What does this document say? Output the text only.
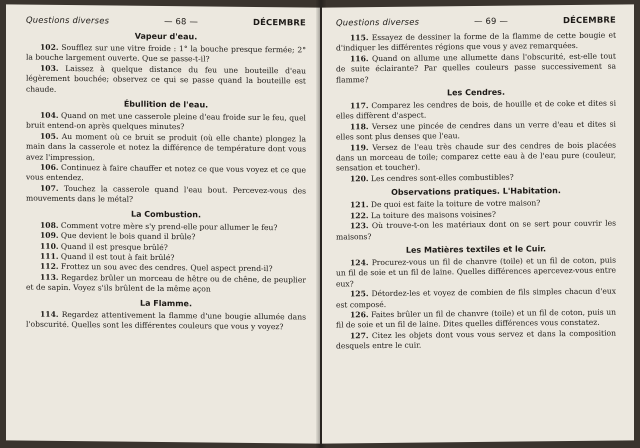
Questions diverses	— 68 —	DÉCEMBRE
Vapeur d'eau.

102. Soufflez sur une vitre froide : 1° la bouche presque fermée; 2° la bouche largement ouverte. Que se passe-t-il?

103. Laissez à quelque distance du feu une bouteille d'eau légèrement bouchée; observez ce qui se passe quand la bouteille est chaude.

Ébullition de l'eau.

104. Quand on met une casserole pleine d'eau froide sur le feu, quel bruit entend-on après quelques minutes?

105. Au moment où ce bruit se produit (où elle chante) plongez la main dans la casserole et notez la différence de température dont vous avez l'impression.

106. Continuez à faire chauffer et notez ce que vous voyez et ce que vous entendez.

107. Touchez la casserole quand l'eau bout. Percevez-vous des mouvements dans le métal?

La Combustion.

108. Comment votre mère s'y prend-elle pour allumer le feu?

109. Que devient le bois quand il brûle?

110. Quand il est presque brûlé?

111. Quand il est tout à fait brûlé?

112. Frottez un sou avec des cendres. Quel aspect prend-il?

113. Regardez brûler un morceau de hêtre ou de chêne, de peuplier et de sapin. Voyez s'ils brûlent de la même açon

La Flamme.

114. Regardez attentivement la flamme d'une bougie allumée dans l'obscurité. Quelles sont les différentes couleurs que vous y voyez?

Questions diverses	— 69 —	DÉCEMBRE

115. Essayez de dessiner la forme de la flamme de cette bougie et d'indiquer les différentes régions que vous y avez remarquées.

116. Quand on allume une allumette dans l'obscurité, est-elle tout de suite éclairante? Par quelles couleurs passe successivement sa flamme?

Les Cendres.

117. Comparez les cendres de bois, de houille et de coke et dites si elles diffèrent d'aspect.

118. Versez une pincée de cendres dans un verre d'eau et dites si elles sont plus denses que l'eau.

119. Versez de l'eau très chaude sur des cendres de bois placées dans un morceau de toile; comparez cette eau à de l'eau pure (couleur, sensation et toucher).

120. Les cendres sont-elles combustibles?

Observations pratiques. L'Habitation.

121. De quoi est faite la toiture de votre maison?

122. La toiture des maisons voisines?

123. Où trouve-t-on les matériaux dont on se sert pour couvrir les maisons?

Les Matières textiles et le Cuir.

124. Procurez-vous un fil de chanvre (toile) et un fil de coton, puis un fil de soie et un fil de laine. Quelles différences apercevez-vous entre eux?

125. Détordez-les et voyez de combien de fils simples chacun d'eux est composé.

126. Faites brûler un fil de chanvre (toile) et un fil de coton, puis un fil de soie et un fil de laine. Dites quelles différences vous constatez.

127. Citez les objets dont vous vous servez et dans la composition desquels entre le cuir.
